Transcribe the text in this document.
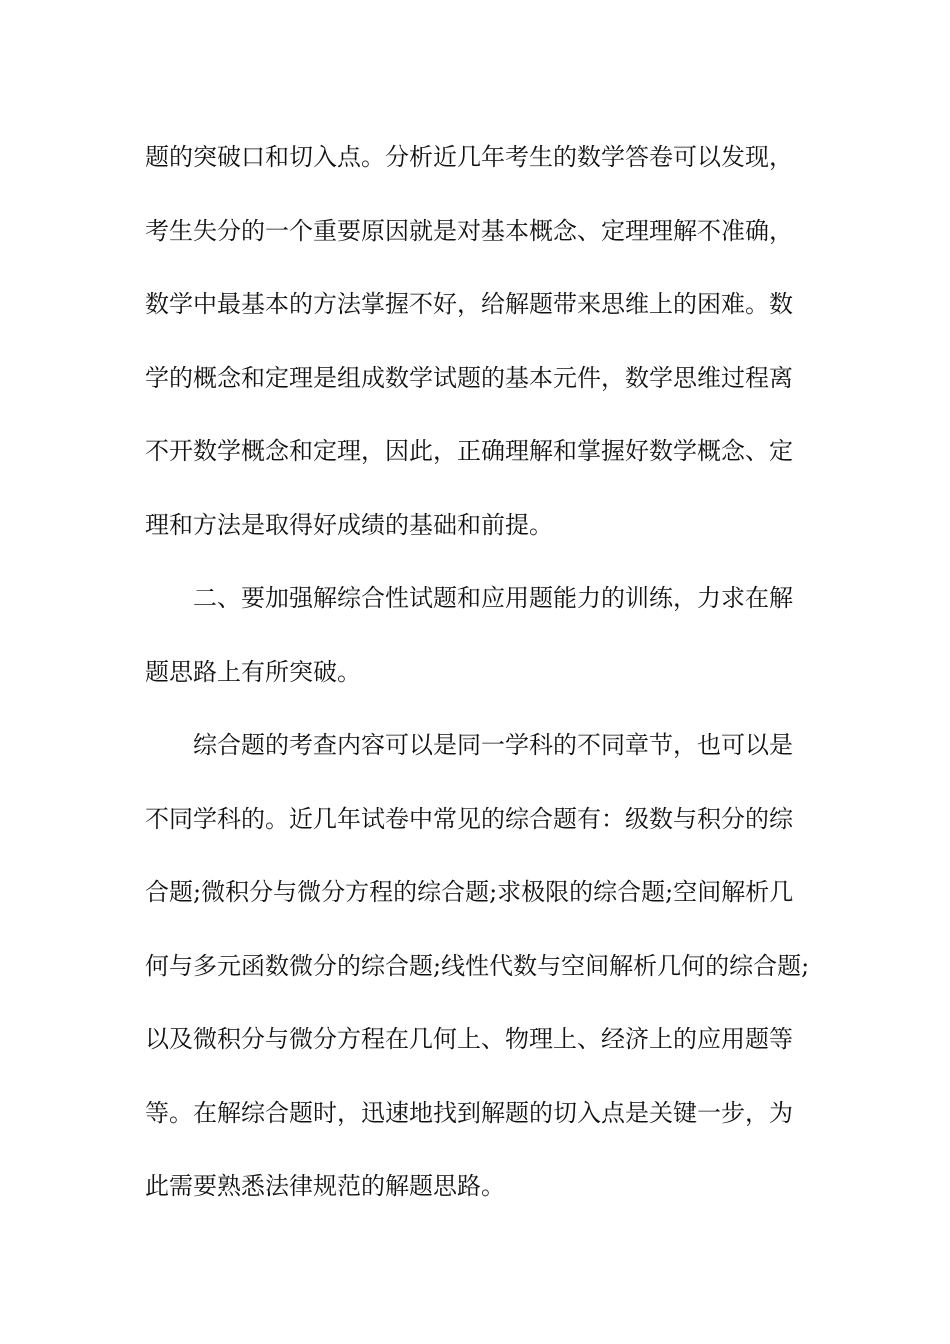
题的突破口和切入点。分析近几年考生的数学答卷可以发现，
考生失分的一个重要原因就是对基本概念、定理理解不准确，
数学中最基本的方法掌握不好，给解题带来思维上的困难。数
学的概念和定理是组成数学试题的基本元件，数学思维过程离
不开数学概念和定理，因此，正确理解和掌握好数学概念、定
理和方法是取得好成绩的基础和前提。
二、要加强解综合性试题和应用题能力的训练，力求在解
题思路上有所突破。
综合题的考查内容可以是同一学科的不同章节，也可以是
不同学科的。近几年试卷中常见的综合题有：级数与积分的综
合题;微积分与微分方程的综合题;求极限的综合题;空间解析几
何与多元函数微分的综合题;线性代数与空间解析几何的综合题;
以及微积分与微分方程在几何上、物理上、经济上的应用题等
等。在解综合题时，迅速地找到解题的切入点是关键一步，为
此需要熟悉法律规范的解题思路。
